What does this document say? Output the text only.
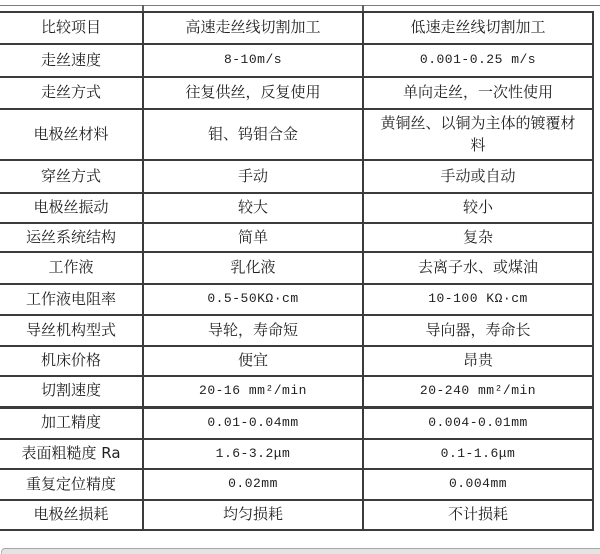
比较项目	高速走丝线切割加工	低速走丝线切割加工
走丝速度	8-10m/s	0.001-0.25 m/s
走丝方式	往复供丝，反复使用	单向走丝，一次性使用
电极丝材料	钼、钨钼合金	黄铜丝、以铜为主体的镀覆材料
穿丝方式	手动	手动或自动
电极丝振动	较大	较小
运丝系统结构	简单	复杂
工作液	乳化液	去离子水、或煤油
工作液电阻率	0.5-50KΩ·cm	10-100 KΩ·cm
导丝机构型式	导轮，寿命短	导向器，寿命长
机床价格	便宜	昂贵
切割速度	20-16 mm²/min	20-240 mm²/min
加工精度	0.01-0.04mm	0.004-0.01mm
表面粗糙度 Ra	1.6-3.2μm	0.1-1.6μm
重复定位精度	0.02mm	0.004mm
电极丝损耗	均匀损耗	不计损耗
